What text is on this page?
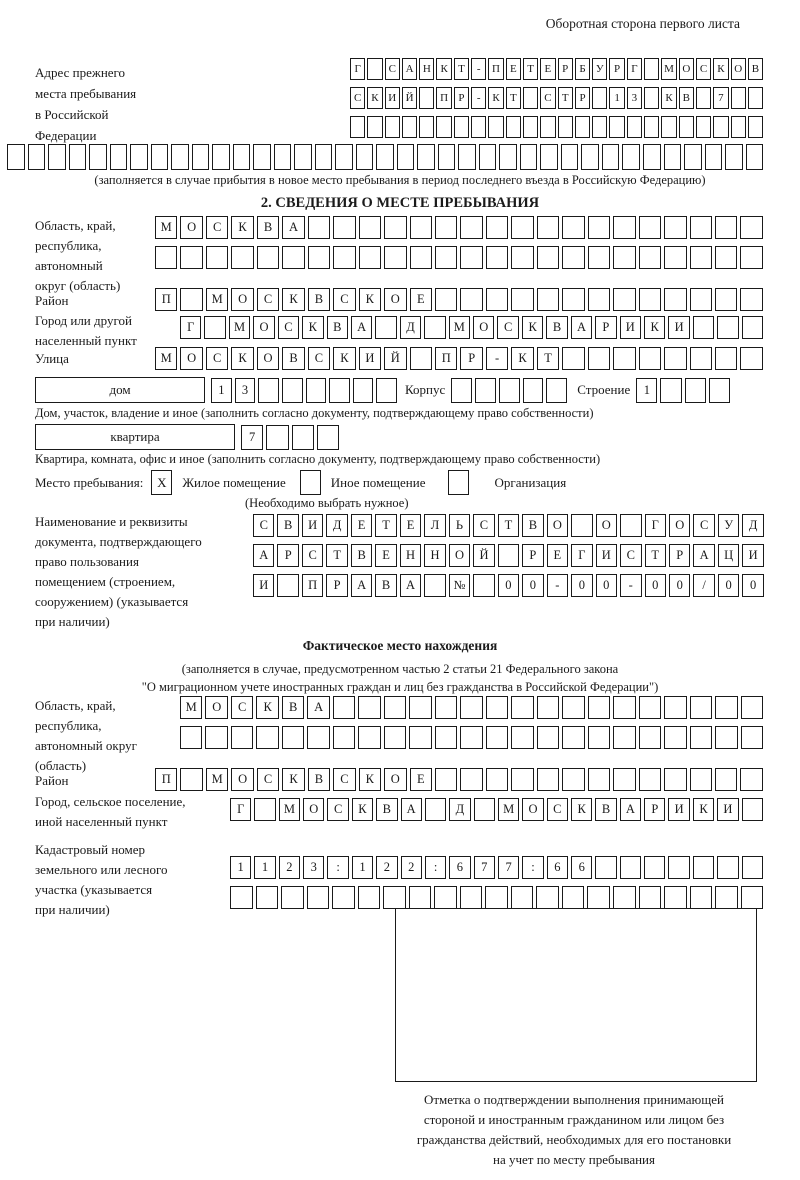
Оборотная сторона первого листа
Адрес прежнего
места пребывания
в Российской
Федерации
Г	С А Н К Т	-	П Е Т Е Р	Б У Р	Г	М О С К О В
С К И Й	П Р	-	К Т	С Т Р	1	3	К В	7
(заполняется в случае прибытия в новое место пребывания в период последнего въезда в Российскую Федерацию)
2. СВЕДЕНИЯ О МЕСТЕ ПРЕБЫВАНИЯ
Область, край,
республика,
автономный
округ (область)
М	О	С	К	В	А
Район	П	М	О	С	К	В	С	К	О	Е
Город или другой
населенный пункт
Г	М	О	С	К	В	А	Д	М	О	С	К	В	А	Р	И	К	И
Улица	М	О	С	К	О	В	С	К	И	Й	П	Р	-	К	Т
дом	1	3	Корпус	Строение	1
Дом, участок, владение и иное (заполнить согласно документу, подтверждающему право собственности)
квартира	7
Квартира, комната, офис и иное (заполнить согласно документу, подтверждающему право собственности)
Место пребывания:	X	Жилое помещение	Иное помещение	Организация
(Необходимо выбрать нужное)
Наименование и реквизиты
документа, подтверждающего
право пользования
помещением (строением,
сооружением) (указывается
при наличии)
С	В	И	Д	Е	Т	Е	Л	Ь	С	Т	В	О	О	Г	О	С	У	Д
А	Р	С	Т	В	Е	Н	Н	О	Й	Р	Е	Г	И	С	Т	Р	А	Ц	И
И	П	Р	А	В	А	№	0	0	-	0	0	-	0	0	/	0	0
Фактическое место нахождения
(заполняется в случае, предусмотренном частью 2 статьи 21 Федерального закона
"О миграционном учете иностранных граждан и лиц без гражданства в Российской Федерации")
Область, край,
республика,
автономный округ
(область)
М	О	С	К	В	А
Район	П	М	О	С	К	В	С	К	О	Е
Город, сельское поселение,
иной населенный пункт
Г	М	О	С	К	В	А	Д	М	О	С	К	В	А	Р	И	К	И
Кадастровый номер
земельного или лесного
участка (указывается
при наличии)
1	1	2	3	:	1	2	2	:	6	7	7	:	6	6
Отметка о подтверждении выполнения принимающей
стороной и иностранным гражданином или лицом без
гражданства действий, необходимых для его постановки
на учет по месту пребывания
